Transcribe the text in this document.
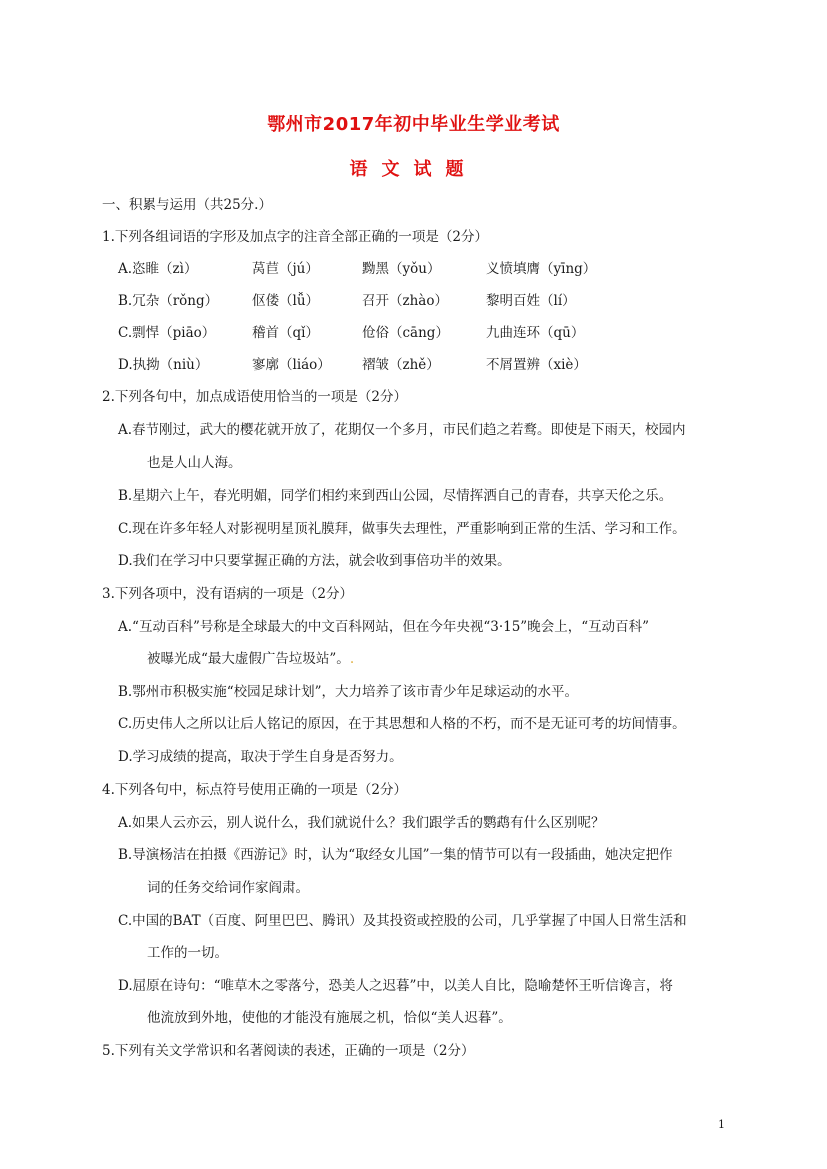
鄂州市2017年初中毕业生学业考试
语文试题
一、积累与运用（共25分.）
1.下列各组词语的字形及加点字的注音全部正确的一项是（2分）
A.恣睢（zì）	莴苣（jú）	黝黑（yǒu）	义愤填膺（yīng）
B.冗杂（rǒng）	伛偻（lǚ）	召开（zhào）	黎明百姓（lí）
C.剽悍（piāo）	稽首（qǐ）	伧俗（cāng）	九曲连环（qū）
D.执拗（niù）	寥廓（liáo） 褶皱（zhě）	不屑置辨（xiè）
2.下列各句中，加点成语使用恰当的一项是（2分）
A.春节刚过，武大的樱花就开放了，花期仅一个多月，市民们趋之若鹜。即使是下雨天，校园内
也是人山人海。
B.星期六上午，春光明媚，同学们相约来到西山公园，尽情挥洒自己的青春，共享天伦之乐。
C.现在许多年轻人对影视明星顶礼膜拜，做事失去理性，严重影响到正常的生活、学习和工作。
D.我们在学习中只要掌握正确的方法，就会收到事倍功半的效果。
3.下列各项中，没有语病的一项是（2分）
A.“互动百科”号称是全球最大的中文百科网站，但在今年央视“3·15”晚会上，“互动百科”
被曝光成“最大虚假广告垃圾站”。.
B.鄂州市积极实施“校园足球计划”，大力培养了该市青少年足球运动的水平。
C.历史伟人之所以让后人铭记的原因，在于其思想和人格的不朽，而不是无证可考的坊间情事。
D.学习成绩的提高，取决于学生自身是否努力。
4.下列各句中，标点符号使用正确的一项是（2分）
A.如果人云亦云，别人说什么，我们就说什么？我们跟学舌的鹦鹉有什么区别呢？
B.导演杨洁在拍摄《西游记》时，认为“取经女儿国”一集的情节可以有一段插曲，她决定把作
词的任务交给词作家阎肃。
C.中国的BAT（百度、阿里巴巴、腾讯）及其投资或控股的公司，几乎掌握了中国人日常生活和
工作的一切。
D.屈原在诗句：“唯草木之零落兮，恐美人之迟暮”中，以美人自比，隐喻楚怀王听信谗言，将
他流放到外地，使他的才能没有施展之机，恰似“美人迟暮”。
5.下列有关文学常识和名著阅读的表述，正确的一项是（2分）
1
